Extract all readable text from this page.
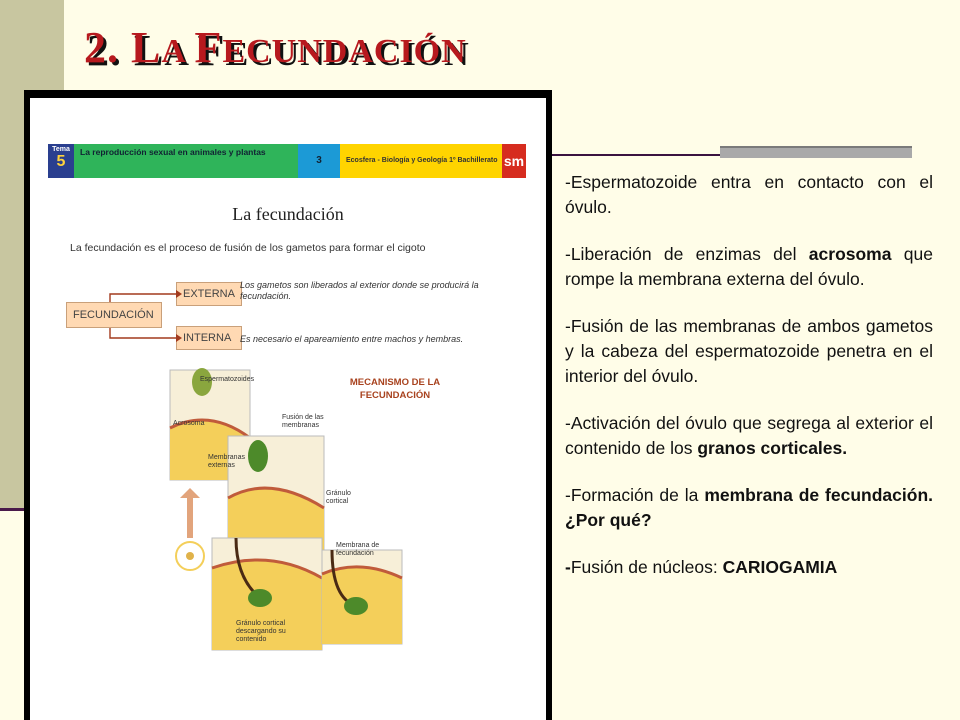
2. LA FECUNDACIÓN
Tema
5
La reproducción sexual en animales y plantas
3	Ecosfera - Biología y Geología 1º Bachillerato sm
La fecundación
La fecundación es el proceso de fusión de los gametos para formar el cigoto
FECUNDACIÓN
EXTERNA
INTERNA
Los gametos son liberados al exterior donde se producirá la fecundación.
Es necesario el apareamiento entre machos y hembras.
MECANISMO DE LA FECUNDACIÓN
Espermatozoides
Acrosoma
Fusión de las membranas
Membranas externas
Gránulo cortical
Membrana de fecundación
Gránulo cortical descargando su contenido

-Espermatozoide entra en contacto con el óvulo.

-Liberación de enzimas del acrosoma que rompe la membrana externa del óvulo.

-Fusión de las membranas de ambos gametos y la cabeza del espermatozoide penetra en el interior del óvulo.

-Activación del óvulo que segrega al exterior el contenido de los granos corticales.

-Formación de la membrana de fecundación. ¿Por qué?

-Fusión de núcleos: CARIOGAMIA
